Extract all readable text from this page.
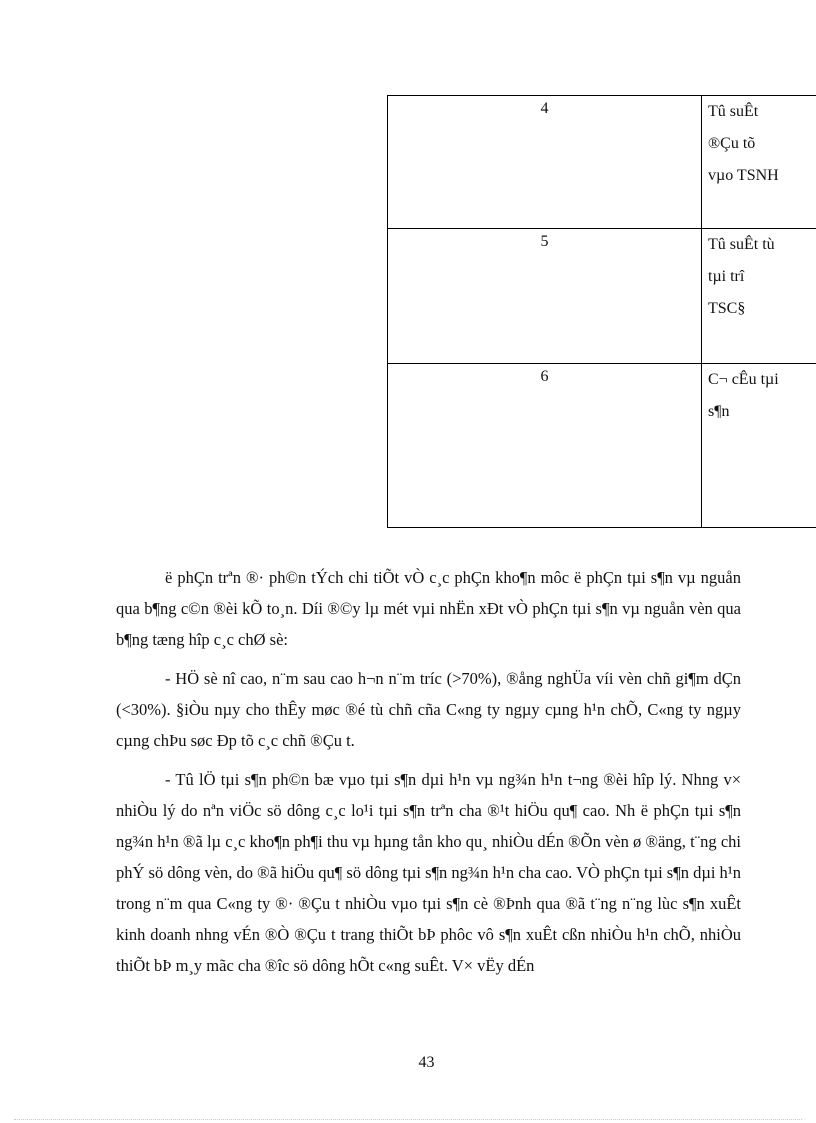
4	Tû suÊt
®Çu tõ
vµo TSNH

5	Tû suÊt tù
tµi trî
TSC§

6	C¬ cÊu tµi
s¶n

ë phÇn trªn ®· ph©n tÝch chi tiÕt vÒ c¸c phÇn kho¶n môc ë phÇn tµi s¶n vµ nguån qua b¶ng c©n ®èi kÕ to¸n. Díi ®©y lµ mét vµi nhËn xÐt vÒ phÇn tµi s¶n vµ nguån vèn qua b¶ng tæng hîp c¸c chØ sè:

- HÖ sè nî cao, n¨m sau cao h¬n n¨m tríc (>70%), ®ång nghÜa víi vèn chñ gi¶m dÇn (<30%). §iÒu nµy cho thÊy møc ®é tù chñ cña C«ng ty ngµy cµng h¹n chÕ, C«ng ty ngµy cµng chÞu søc Ðp tõ c¸c chñ ®Çu t.

- Tû lÖ tµi s¶n ph©n bæ vµo tµi s¶n dµi h¹n vµ ng¾n h¹n t¬ng ®èi hîp lý. Nhng v× nhiÒu lý do nªn viÖc sö dông c¸c lo¹i tµi s¶n trªn cha ®¹t hiÖu qu¶ cao. Nh ë phÇn tµi s¶n ng¾n h¹n ®ã lµ c¸c kho¶n ph¶i thu vµ hµng tån kho qu¸ nhiÒu dÉn ®Õn vèn ø ®äng, t¨ng chi phÝ sö dông vèn, do ®ã hiÖu qu¶ sö dông tµi s¶n ng¾n h¹n cha cao. VÒ phÇn tµi s¶n dµi h¹n trong n¨m qua C«ng ty ®· ®Çu t nhiÒu vµo tµi s¶n cè ®Þnh qua ®ã t¨ng n¨ng lùc s¶n xuÊt kinh doanh nhng vÉn ®Ò ®Çu t trang thiÕt bÞ phôc vô s¶n xuÊt cßn nhiÒu h¹n chÕ, nhiÒu thiÕt bÞ m¸y mãc cha ®îc sö dông hÕt c«ng suÊt. V× vËy dÉn

43
